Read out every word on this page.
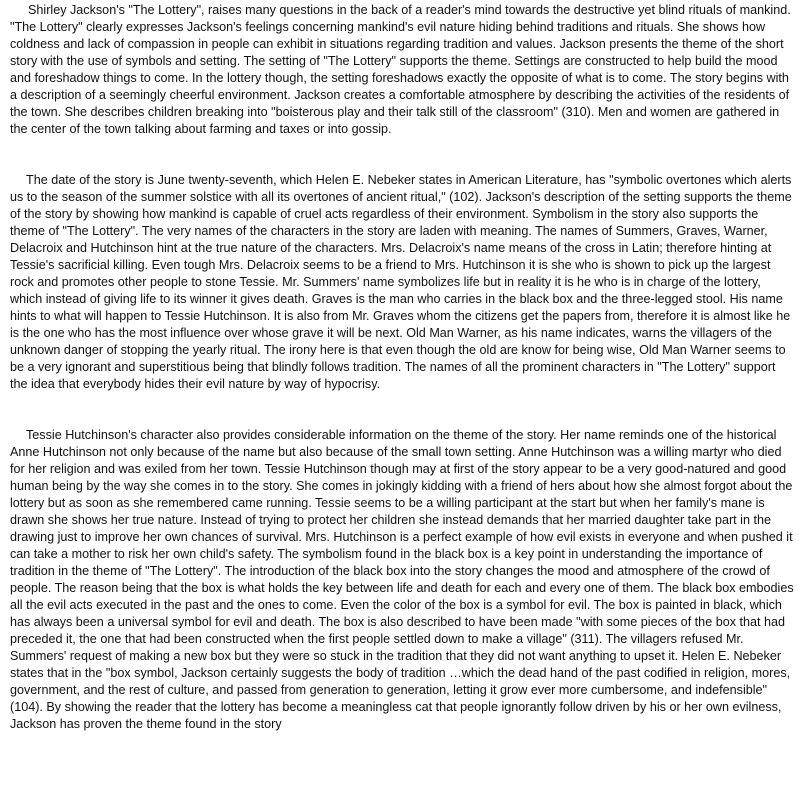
Shirley Jackson's "The Lottery", raises many questions in the back of a reader's mind towards the destructive yet blind rituals of mankind. "The Lottery" clearly expresses Jackson's feelings concerning mankind's evil nature hiding behind traditions and rituals. She shows how coldness and lack of compassion in people can exhibit in situations regarding tradition and values. Jackson presents the theme of the short story with the use of symbols and setting. The setting of "The Lottery" supports the theme. Settings are constructed to help build the mood and foreshadow things to come. In the lottery though, the setting foreshadows exactly the opposite of what is to come. The story begins with a description of a seemingly cheerful environment. Jackson creates a comfortable atmosphere by describing the activities of the residents of the town. She describes children breaking into "boisterous play and their talk still of the classroom" (310). Men and women are gathered in the center of the town talking about farming and taxes or into gossip.

The date of the story is June twenty-seventh, which Helen E. Nebeker states in American Literature, has "symbolic overtones which alerts us to the season of the summer solstice with all its overtones of ancient ritual," (102). Jackson's description of the setting supports the theme of the story by showing how mankind is capable of cruel acts regardless of their environment. Symbolism in the story also supports the theme of "The Lottery". The very names of the characters in the story are laden with meaning. The names of Summers, Graves, Warner, Delacroix and Hutchinson hint at the true nature of the characters. Mrs. Delacroix's name means of the cross in Latin; therefore hinting at Tessie's sacrificial killing. Even tough Mrs. Delacroix seems to be a friend to Mrs. Hutchinson it is she who is shown to pick up the largest rock and promotes other people to stone Tessie. Mr. Summers' name symbolizes life but in reality it is he who is in charge of the lottery, which instead of giving life to its winner it gives death. Graves is the man who carries in the black box and the three-legged stool. His name hints to what will happen to Tessie Hutchinson. It is also from Mr. Graves whom the citizens get the papers from, therefore it is almost like he is the one who has the most influence over whose grave it will be next. Old Man Warner, as his name indicates, warns the villagers of the unknown danger of stopping the yearly ritual. The irony here is that even though the old are know for being wise, Old Man Warner seems to be a very ignorant and superstitious being that blindly follows tradition. The names of all the prominent characters in "The Lottery" support the idea that everybody hides their evil nature by way of hypocrisy.

Tessie Hutchinson's character also provides considerable information on the theme of the story. Her name reminds one of the historical Anne Hutchinson not only because of the name but also because of the small town setting. Anne Hutchinson was a willing martyr who died for her religion and was exiled from her town. Tessie Hutchinson though may at first of the story appear to be a very good-natured and good human being by the way she comes in to the story. She comes in jokingly kidding with a friend of hers about how she almost forgot about the lottery but as soon as she remembered came running. Tessie seems to be a willing participant at the start but when her family's mane is drawn she shows her true nature. Instead of trying to protect her children she instead demands that her married daughter take part in the drawing just to improve her own chances of survival. Mrs. Hutchinson is a perfect example of how evil exists in everyone and when pushed it can take a mother to risk her own child's safety. The symbolism found in the black box is a key point in understanding the importance of tradition in the theme of "The Lottery". The introduction of the black box into the story changes the mood and atmosphere of the crowd of people. The reason being that the box is what holds the key between life and death for each and every one of them. The black box embodies all the evil acts executed in the past and the ones to come. Even the color of the box is a symbol for evil. The box is painted in black, which has always been a universal symbol for evil and death. The box is also described to have been made "with some pieces of the box that had preceded it, the one that had been constructed when the first people settled down to make a village" (311). The villagers refused Mr. Summers' request of making a new box but they were so stuck in the tradition that they did not want anything to upset it. Helen E. Nebeker states that in the "box symbol, Jackson certainly suggests the body of tradition …which the dead hand of the past codified in religion, mores, government, and the rest of culture, and passed from generation to generation, letting it grow ever more cumbersome, and indefensible" (104). By showing the reader that the lottery has become a meaningless cat that people ignorantly follow driven by his or her own evilness, Jackson has proven the theme found in the story
